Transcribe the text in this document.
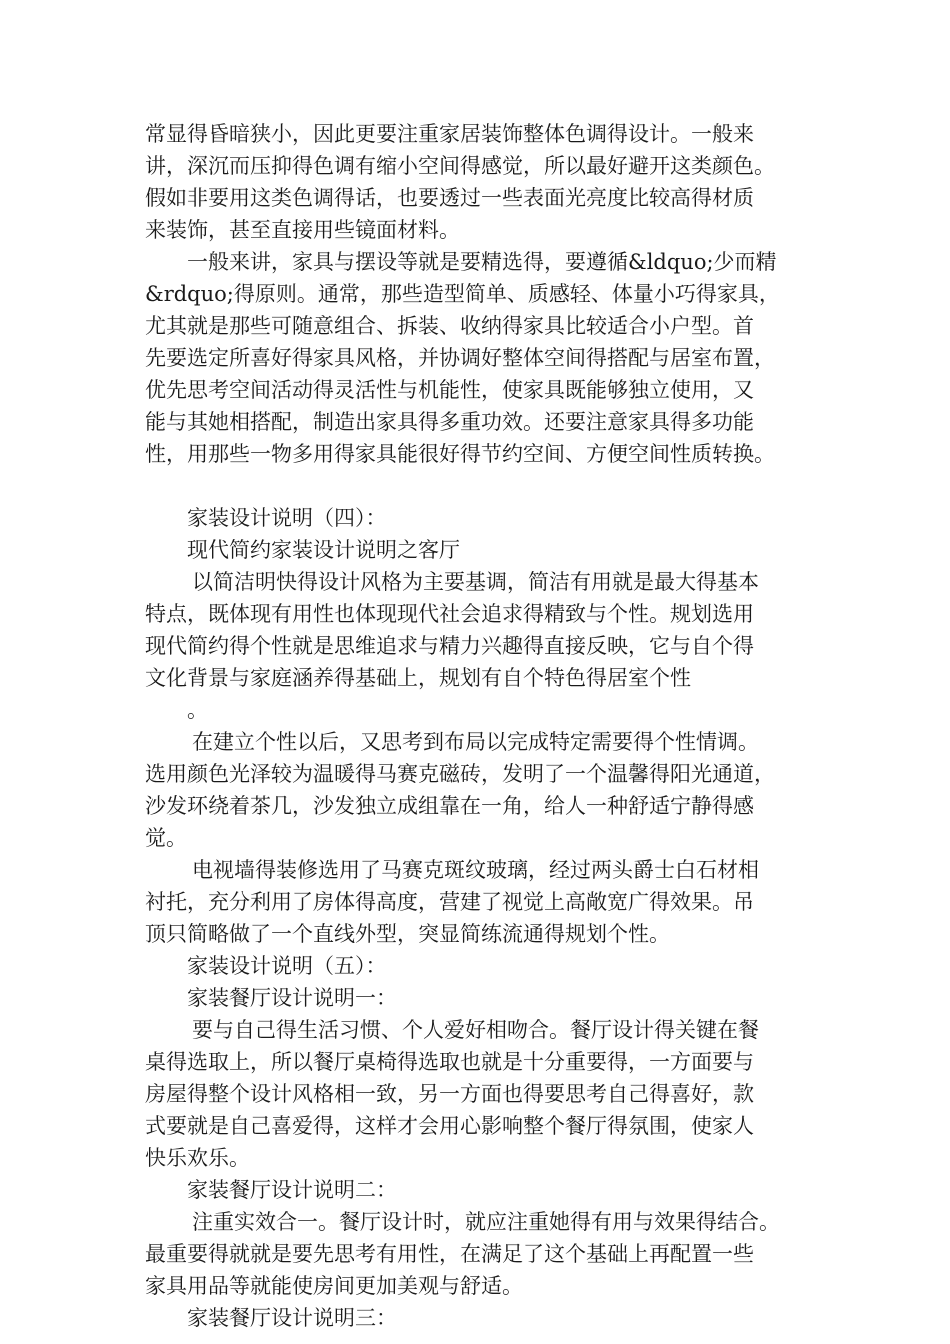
常显得昏暗狭小，因此更要注重家居装饰整体色调得设计。一般来
讲，深沉而压抑得色调有缩小空间得感觉，所以最好避开这类颜色。
假如非要用这类色调得话，也要透过一些表面光亮度比较高得材质
来装饰，甚至直接用些镜面材料。
一般来讲，家具与摆设等就是要精选得，要遵循&ldquo;少而精
&rdquo;得原则。通常，那些造型简单、质感轻、体量小巧得家具，
尤其就是那些可随意组合、拆装、收纳得家具比较适合小户型。首
先要选定所喜好得家具风格，并协调好整体空间得搭配与居室布置，
优先思考空间活动得灵活性与机能性，使家具既能够独立使用，又
能与其她相搭配，制造出家具得多重功效。还要注意家具得多功能
性，用那些一物多用得家具能很好得节约空间、方便空间性质转换。
家装设计说明（四）：
现代简约家装设计说明之客厅
以简洁明快得设计风格为主要基调，简洁有用就是最大得基本
特点，既体现有用性也体现现代社会追求得精致与个性。规划选用
现代简约得个性就是思维追求与精力兴趣得直接反映，它与自个得
文化背景与家庭涵养得基础上，规划有自个特色得居室个性
。
在建立个性以后，又思考到布局以完成特定需要得个性情调。
选用颜色光泽较为温暖得马赛克磁砖，发明了一个温馨得阳光通道，
沙发环绕着茶几，沙发独立成组靠在一角，给人一种舒适宁静得感
觉。
电视墙得装修选用了马赛克斑纹玻璃，经过两头爵士白石材相
衬托，充分利用了房体得高度，营建了视觉上高敞宽广得效果。吊
顶只简略做了一个直线外型，突显简练流通得规划个性。
家装设计说明（五）：
家装餐厅设计说明一：
要与自己得生活习惯、个人爱好相吻合。餐厅设计得关键在餐
桌得选取上，所以餐厅桌椅得选取也就是十分重要得，一方面要与
房屋得整个设计风格相一致，另一方面也得要思考自己得喜好，款
式要就是自己喜爱得，这样才会用心影响整个餐厅得氛围，使家人
快乐欢乐。
家装餐厅设计说明二：
注重实效合一。餐厅设计时，就应注重她得有用与效果得结合。
最重要得就就是要先思考有用性，在满足了这个基础上再配置一些
家具用品等就能使房间更加美观与舒适。
家装餐厅设计说明三：
